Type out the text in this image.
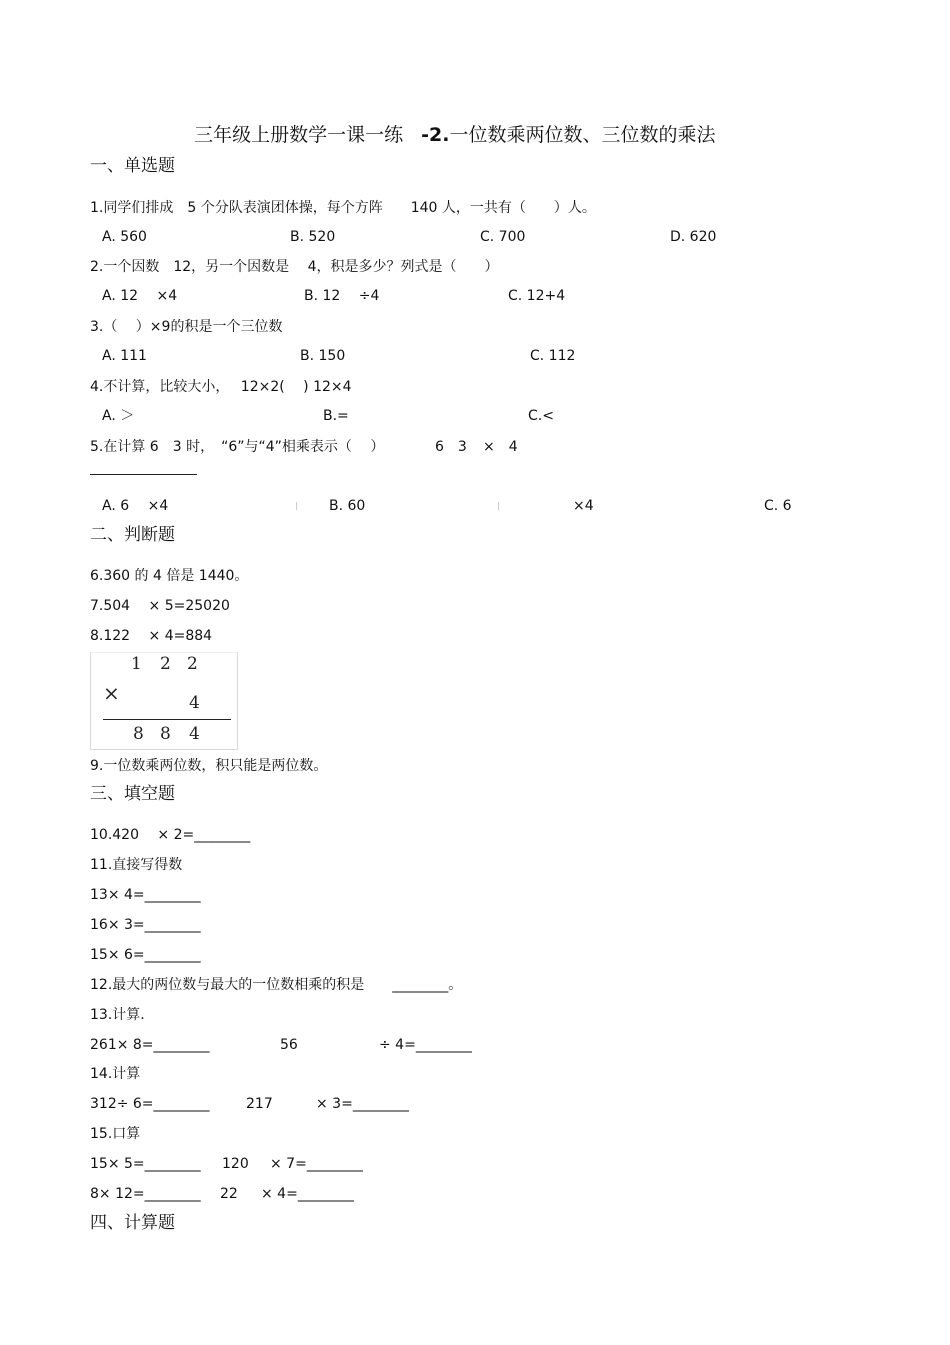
三年级上册数学一课一练 -2.一位数乘两位数、三位数的乘法

一、单选题
1.同学们排成　5 个分队表演团体操，每个方阵　　140 人，一共有（　　）人。
A. 560	B. 520	C. 700	D. 620
2.一个因数　12，另一个因数是　 4，积是多少？列式是（　　）
A. 12 　×4	B. 12 　÷4	C. 12+4
3.（　 ）×9的积是一个三位数
A. 111	B. 150	C. 112
4.不计算，比较大小，　 12×2(　 ) 12×4
A. ＞	B.=	C.<
5.在计算 6　3 时，　“6”与“4”相乘表示（　 ）	6　3 ×　4
A. 6 　×4	B. 60	×4	C. 6
二、判断题
6.360 的 4 倍是 1440。
7.504 　× 5=25020
8.122 　× 4=884
1 2 2
×	4
8 8 4
9.一位数乘两位数，积只能是两位数。
三、填空题
10.420 　× 2=________
11.直接写得数
13× 4=________
16× 3=________
15× 6=________
12.最大的两位数与最大的一位数相乘的积是　　________。
13.计算.
261× 8=________	56	÷ 4=________
14.计算
312÷ 6=________	217	× 3=________
15.口算
15× 5=________ 120 × 7=________
8× 12=________ 22 × 4=________
四、计算题
